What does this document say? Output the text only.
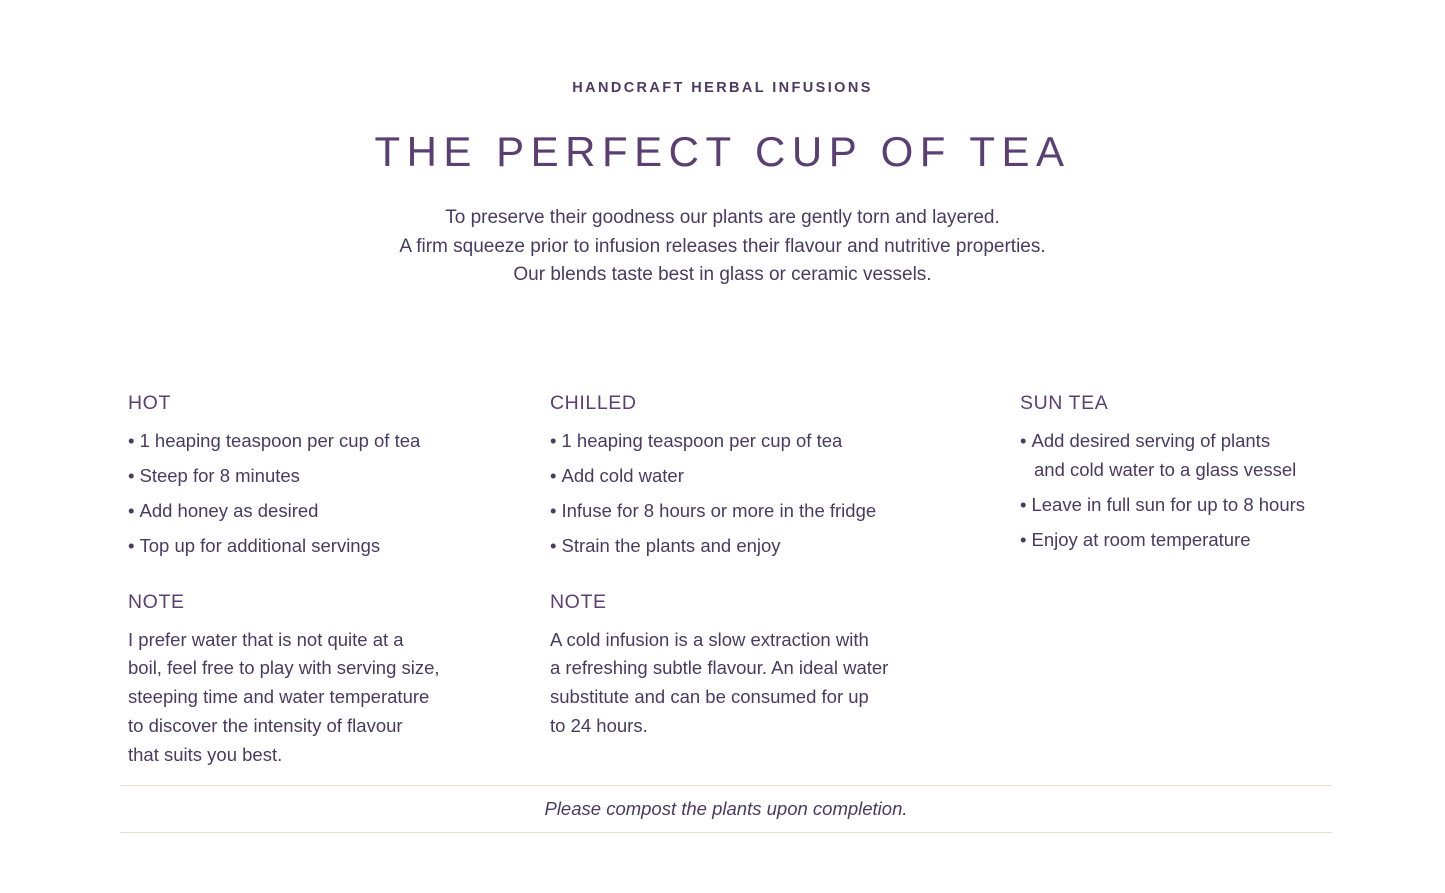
HANDCRAFT HERBAL INFUSIONS
THE PERFECT CUP OF TEA
To preserve their goodness our plants are gently torn and layered.
A firm squeeze prior to infusion releases their flavour and nutritive properties.
Our blends taste best in glass or ceramic vessels.
HOT
• 1 heaping teaspoon per cup of tea
• Steep for 8 minutes
• Add honey as desired
• Top up for additional servings
NOTE

I prefer water that is not quite at a
boil, feel free to play with serving size,
steeping time and water temperature
to discover the intensity of flavour
that suits you best.

CHILLED
• 1 heaping teaspoon per cup of tea
• Add cold water
• Infuse for 8 hours or more in the fridge
• Strain the plants and enjoy
NOTE

A cold infusion is a slow extraction with
a refreshing subtle flavour. An ideal water
substitute and can be consumed for up
to 24 hours.

SUN TEA
• Add desired serving of plants
and cold water to a glass vessel
• Leave in full sun for up to 8 hours
• Enjoy at room temperature
Please compost the plants upon completion.
